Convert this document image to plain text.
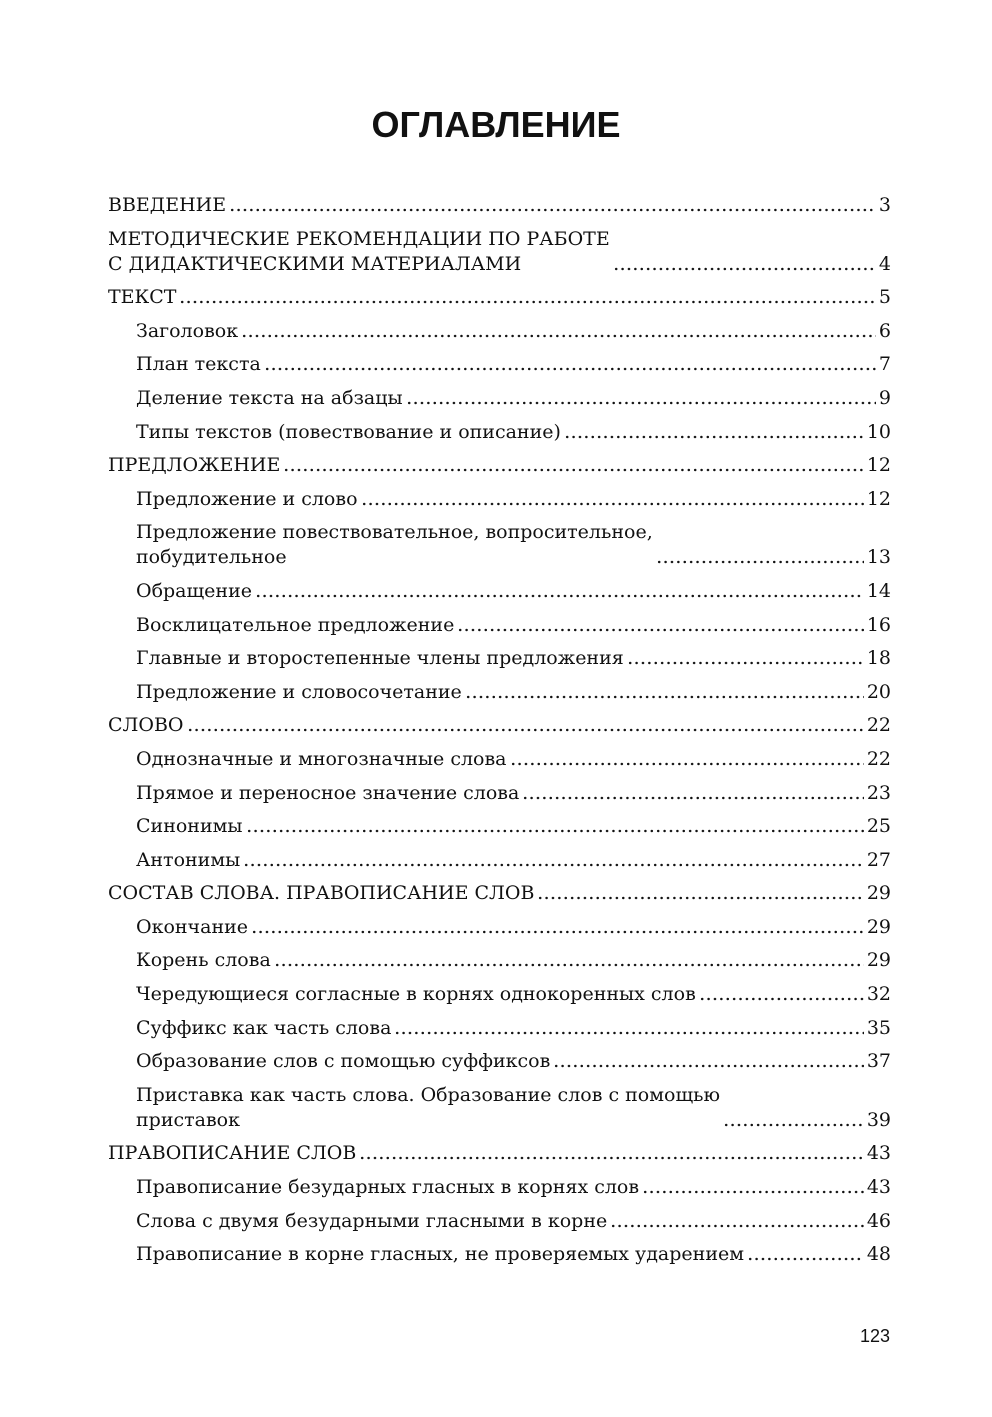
ОГЛАВЛЕНИЕ
ВВЕДЕНИЕ	3
МЕТОДИЧЕСКИЕ РЕКОМЕНДАЦИИ ПО РАБОТЕ
С ДИДАКТИЧЕСКИМИ МАТЕРИАЛАМИ	4
ТЕКСТ	5
Заголовок	6
План текста	7
Деление текста на абзацы	9
Типы текстов (повествование и описание)	10
ПРЕДЛОЖЕНИЕ	12
Предложение и слово	12
Предложение повествовательное, вопросительное,
побудительное	13
Обращение	14
Восклицательное предложение	16
Главные и второстепенные члены предложения	18
Предложение и словосочетание	20
СЛОВО	22
Однозначные и многозначные слова	22
Прямое и переносное значение слова	23
Синонимы	25
Антонимы	27
СОСТАВ СЛОВА. ПРАВОПИСАНИЕ СЛОВ	29
Окончание	29
Корень слова	29
Чередующиеся согласные в корнях однокоренных слов	32
Суффикс как часть слова	35
Образование слов с помощью суффиксов	37
Приставка как часть слова. Образование слов с помощью
приставок	39
ПРАВОПИСАНИЕ СЛОВ	43
Правописание безударных гласных в корнях слов	43
Слова с двумя безударными гласными в корне	46
Правописание в корне гласных, не проверяемых ударением	48
123
